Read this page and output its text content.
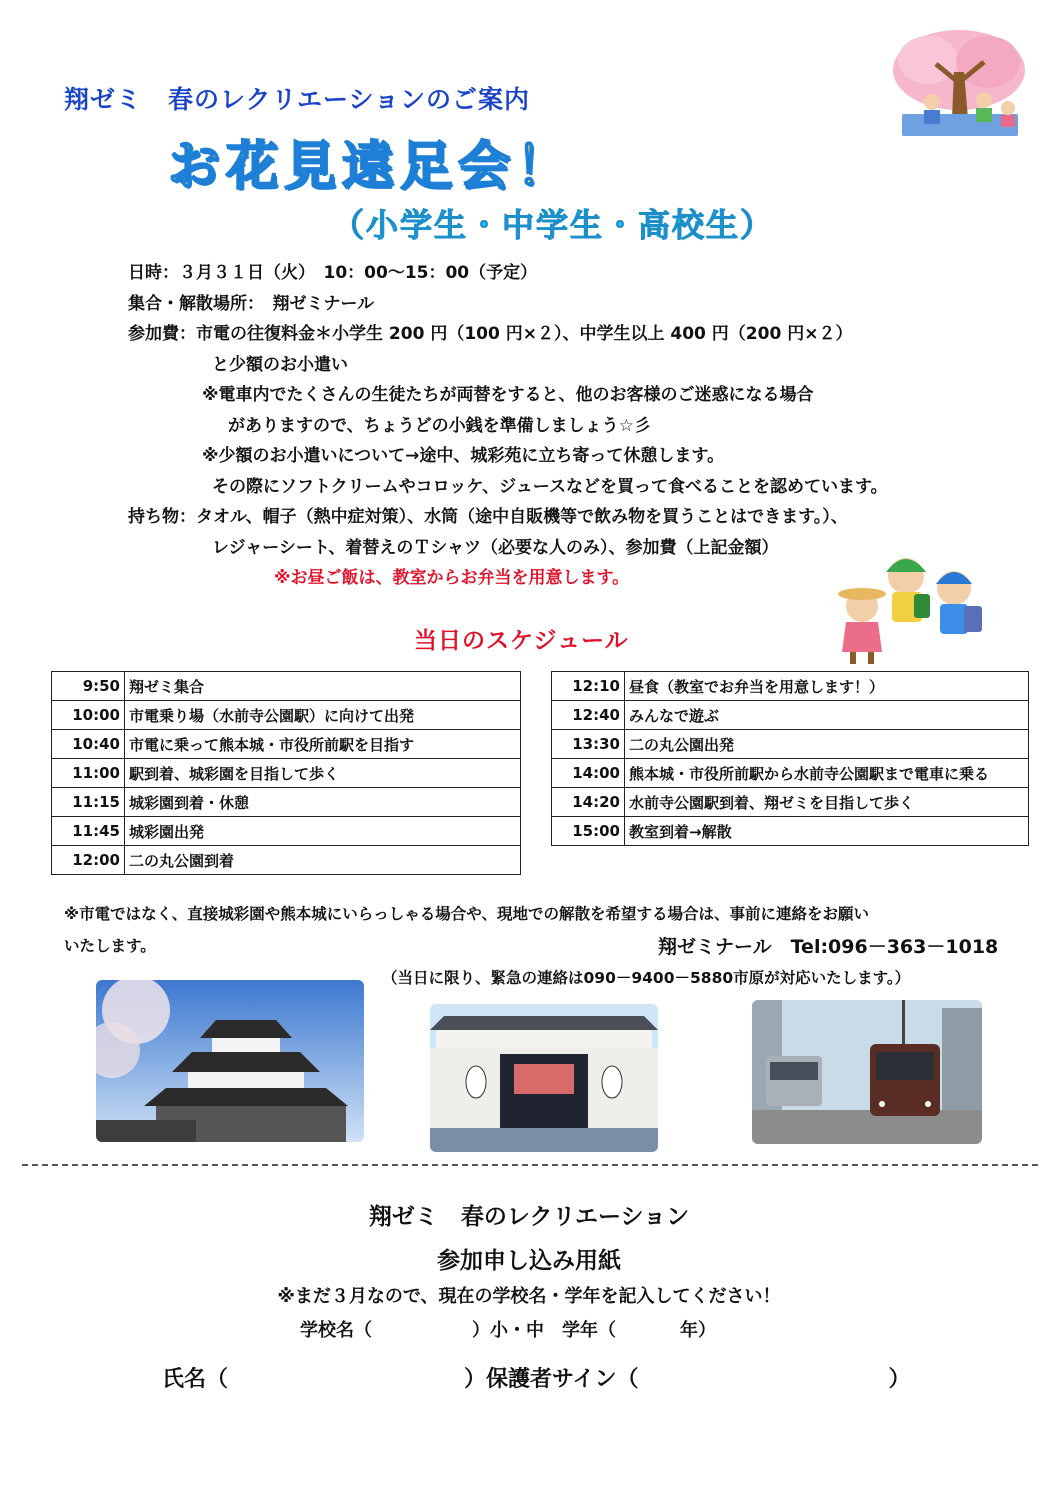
翔ゼミ　春のレクリエーションのご案内
お花見遠足会！
（小学生・中学生・高校生）
日時：３月３１日（火）　10：00～15：00（予定）
集合・解散場所：　翔ゼミナール
参加費：市電の往復料金＊小学生 200 円（100 円×２）、中学生以上 400 円（200 円×２）
と少額のお小遣い
※電車内でたくさんの生徒たちが両替をすると、他のお客様のご迷惑になる場合
がありますので、ちょうどの小銭を準備しましょう☆彡
※少額のお小遣いについて→途中、城彩苑に立ち寄って休憩します。
その際にソフトクリームやコロッケ、ジュースなどを買って食べることを認めています。
持ち物：タオル、帽子（熱中症対策）、水筒（途中自販機等で飲み物を買うことはできます。）、
レジャーシート、着替えのＴシャツ（必要な人のみ）、参加費（上記金額）
※お昼ご飯は、教室からお弁当を用意します。
当日のスケジュール
9:50	翔ゼミ集合
10:00	市電乗り場（水前寺公園駅）に向けて出発
10:40	市電に乗って熊本城・市役所前駅を目指す
11:00	駅到着、城彩園を目指して歩く
11:15	城彩園到着・休憩
11:45	城彩園出発
12:00	二の丸公園到着
12:10	昼食（教室でお弁当を用意します！）
12:40	みんなで遊ぶ
13:30	二の丸公園出発
14:00	熊本城・市役所前駅から水前寺公園駅まで電車に乗る
14:20	水前寺公園駅到着、翔ゼミを目指して歩く
15:00	教室到着→解散
※市電ではなく、直接城彩園や熊本城にいらっしゃる場合や、現地での解散を希望する場合は、事前に連絡をお願い
いたします。	翔ゼミナール　Tel:096－363－1018
（当日に限り、緊急の連絡は090－9400－5880市原が対応いたします。）
翔ゼミ　春のレクリエーション
参加申し込み用紙
※まだ３月なので、現在の学校名・学年を記入してください！
学校名（	）小・中　学年（	年）
氏名（	）保護者サイン（	）
